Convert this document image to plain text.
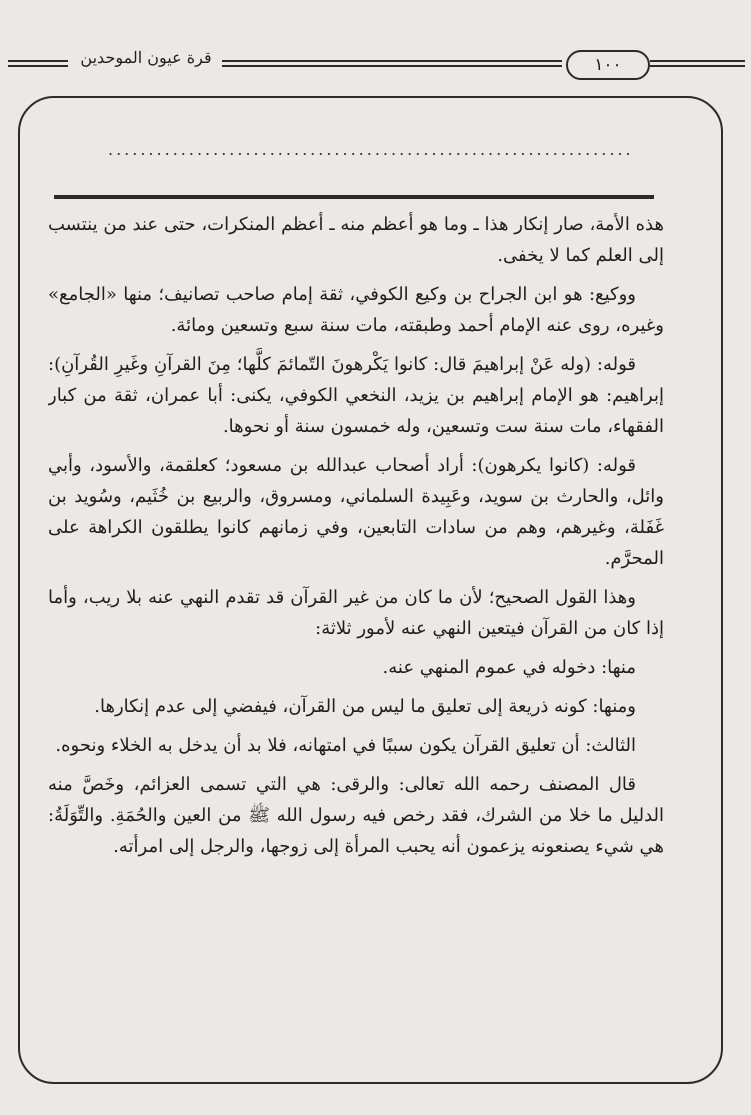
قرة عيون الموحدين	١٠٠
.................................................................

هذه الأمة، صار إنكار هذا ـ وما هو أعظم منه ـ أعظم المنكرات، حتى عند من ينتسب إلى العلم كما لا يخفى.

ووكيع: هو ابن الجراح بن وكيع الكوفي، ثقة إمام صاحب تصانيف؛ منها «الجامع» وغيره، روى عنه الإمام أحمد وطبقته، مات سنة سبع وتسعين ومائة.

قوله: (وله عَنْ إبراهيمَ قال: كانوا يَكْرهونَ التّمائمَ كلَّها؛ مِنَ القرآنِ وغَيرِ القُرآنِ): إبراهيم: هو الإمام إبراهيم بن يزيد، النخعي الكوفي، يكنى: أبا عمران، ثقة من كبار الفقهاء، مات سنة ست وتسعين، وله خمسون سنة أو نحوها.

قوله: (كانوا يكرهون): أراد أصحاب عبدالله بن مسعود؛ كعلقمة، والأسود، وأبي وائل، والحارث بن سويد، وعَبِيدة السلماني، ومسروق، والربيع بن خُثَيم، وسُويد بن غَفَلة، وغيرهم، وهم من سادات التابعين، وفي زمانهم كانوا يطلقون الكراهة على المحرَّم.

وهذا القول الصحيح؛ لأن ما كان من غير القرآن قد تقدم النهي عنه بلا ريب، وأما إذا كان من القرآن فيتعين النهي عنه لأمور ثلاثة:

منها: دخوله في عموم المنهي عنه.

ومنها: كونه ذريعة إلى تعليق ما ليس من القرآن، فيفضي إلى عدم إنكارها.

الثالث: أن تعليق القرآن يكون سببًا في امتهانه، فلا بد أن يدخل به الخلاء ونحوه.

قال المصنف رحمه الله تعالى: والرقى: هي التي تسمى العزائم، وخَصَّ منه الدليل ما خلا من الشرك، فقد رخص فيه رسول الله ﷺ من العين والحُمَةِ. والتِّوَلَةُ: هي شيء يصنعونه يزعمون أنه يحبب المرأة إلى زوجها، والرجل إلى امرأته.
